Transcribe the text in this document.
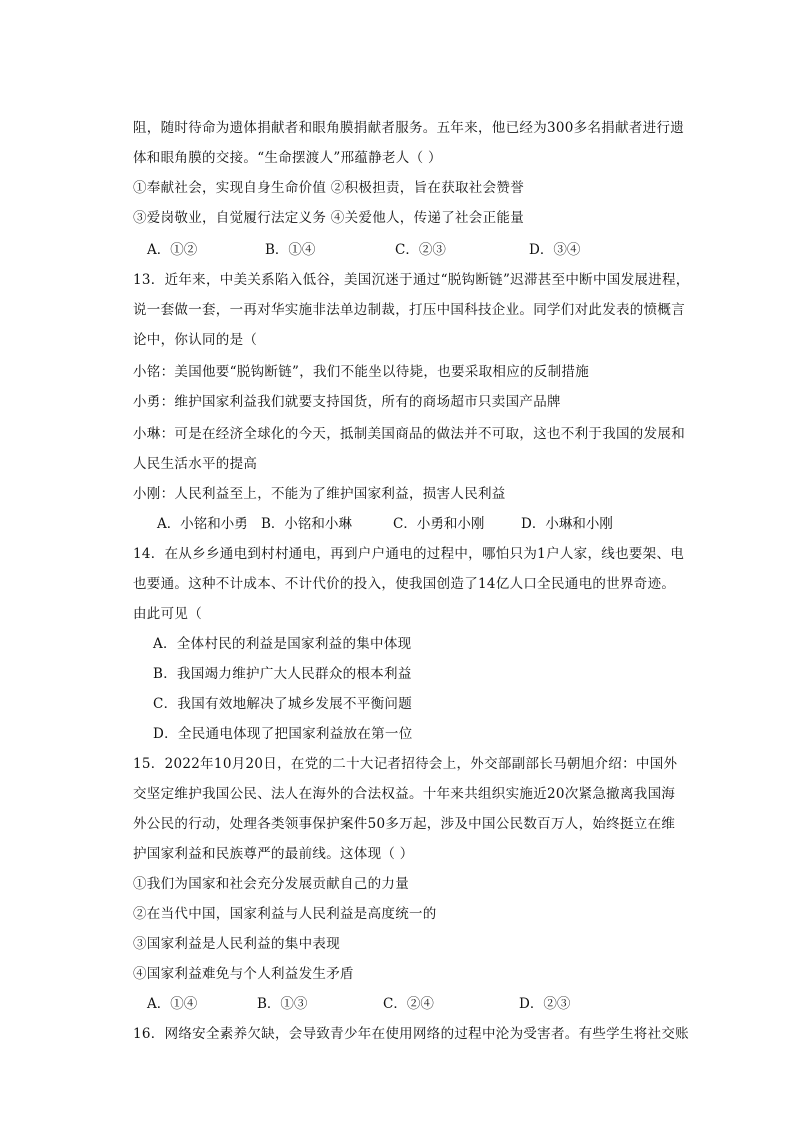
阻，随时待命为遗体捐献者和眼角膜捐献者服务。五年来，他已经为300多名捐献者进行遗
体和眼角膜的交接。“生命摆渡人”邢蕴静老人（ ）
①奉献社会，实现自身生命价值 ②积极担责，旨在获取社会赞誉
③爱岗敬业，自觉履行法定义务 ④关爱他人，传递了社会正能量
A．①②	B．①④	C．②③	D．③④
13．近年来，中美关系陷入低谷，美国沉迷于通过“脱钩断链”迟滞甚至中断中国发展进程，
说一套做一套，一再对华实施非法单边制裁，打压中国科技企业。同学们对此发表的愤概言
论中，你认同的是（
小铭：美国他要“脱钩断链”，我们不能坐以待毙，也要采取相应的反制措施
小勇：维护国家利益我们就要支持国货，所有的商场超市只卖国产品牌
小琳：可是在经济全球化的今天，抵制美国商品的做法并不可取，这也不利于我国的发展和
人民生活水平的提高
小刚：人民利益至上，不能为了维护国家利益，损害人民利益
A．小铭和小勇 B．小铭和小琳	C．小勇和小刚	D．小琳和小刚
14．在从乡乡通电到村村通电，再到户户通电的过程中，哪怕只为1户人家，线也要架、电
也要通。这种不计成本、不计代价的投入，使我国创造了14亿人口全民通电的世界奇迹。
由此可见（
A．全体村民的利益是国家利益的集中体现
B．我国竭力维护广大人民群众的根本利益
C．我国有效地解决了城乡发展不平衡问题
D．全民通电体现了把国家利益放在第一位
15．2022年10月20日，在党的二十大记者招待会上，外交部副部长马朝旭介绍：中国外
交坚定维护我国公民、法人在海外的合法权益。十年来共组织实施近20次紧急撤离我国海
外公民的行动，处理各类领事保护案件50多万起，涉及中国公民数百万人，始终挺立在维
护国家利益和民族尊严的最前线。这体现（ ）
①我们为国家和社会充分发展贡献自己的力量
②在当代中国，国家利益与人民利益是高度统一的
③国家利益是人民利益的集中表现
④国家利益难免与个人利益发生矛盾
A．①④	B．①③	C．②④	D．②③
16．网络安全素养欠缺，会导致青少年在使用网络的过程中沦为受害者。有些学生将社交账
